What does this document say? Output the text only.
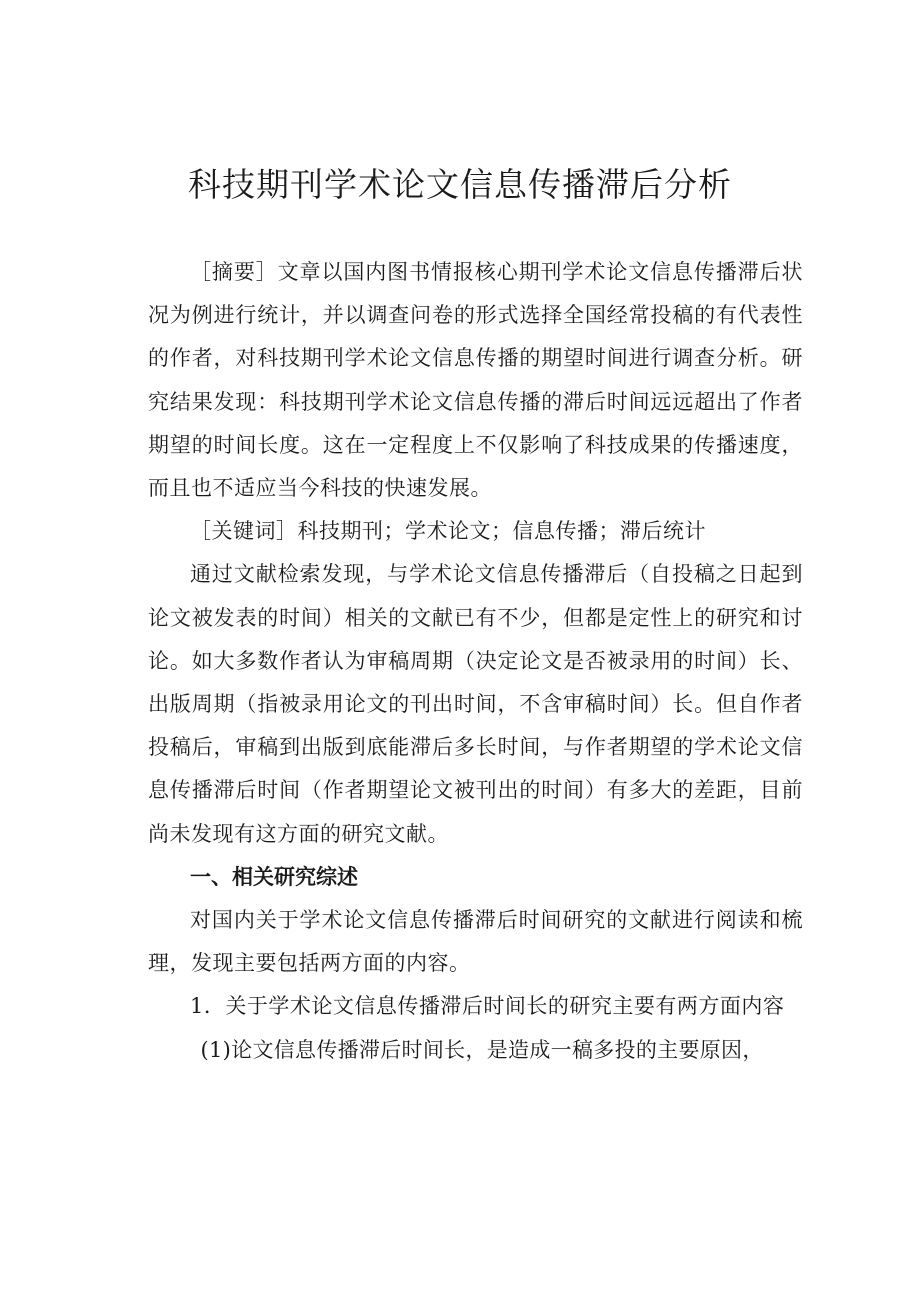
科技期刊学术论文信息传播滞后分析

［摘要］文章以国内图书情报核心期刊学术论文信息传播滞后状况为例进行统计，并以调查问卷的形式选择全国经常投稿的有代表性的作者，对科技期刊学术论文信息传播的期望时间进行调查分析。研究结果发现：科技期刊学术论文信息传播的滞后时间远远超出了作者期望的时间长度。这在一定程度上不仅影响了科技成果的传播速度，而且也不适应当今科技的快速发展。

［关键词］科技期刊；学术论文；信息传播；滞后统计

通过文献检索发现，与学术论文信息传播滞后（自投稿之日起到论文被发表的时间）相关的文献已有不少，但都是定性上的研究和讨论。如大多数作者认为审稿周期（决定论文是否被录用的时间）长、出版周期（指被录用论文的刊出时间，不含审稿时间）长。但自作者投稿后，审稿到出版到底能滞后多长时间，与作者期望的学术论文信息传播滞后时间（作者期望论文被刊出的时间）有多大的差距，目前尚未发现有这方面的研究文献。

一、相关研究综述

对国内关于学术论文信息传播滞后时间研究的文献进行阅读和梳理，发现主要包括两方面的内容。

1．关于学术论文信息传播滞后时间长的研究主要有两方面内容

(1)论文信息传播滞后时间长，是造成一稿多投的主要原因，
